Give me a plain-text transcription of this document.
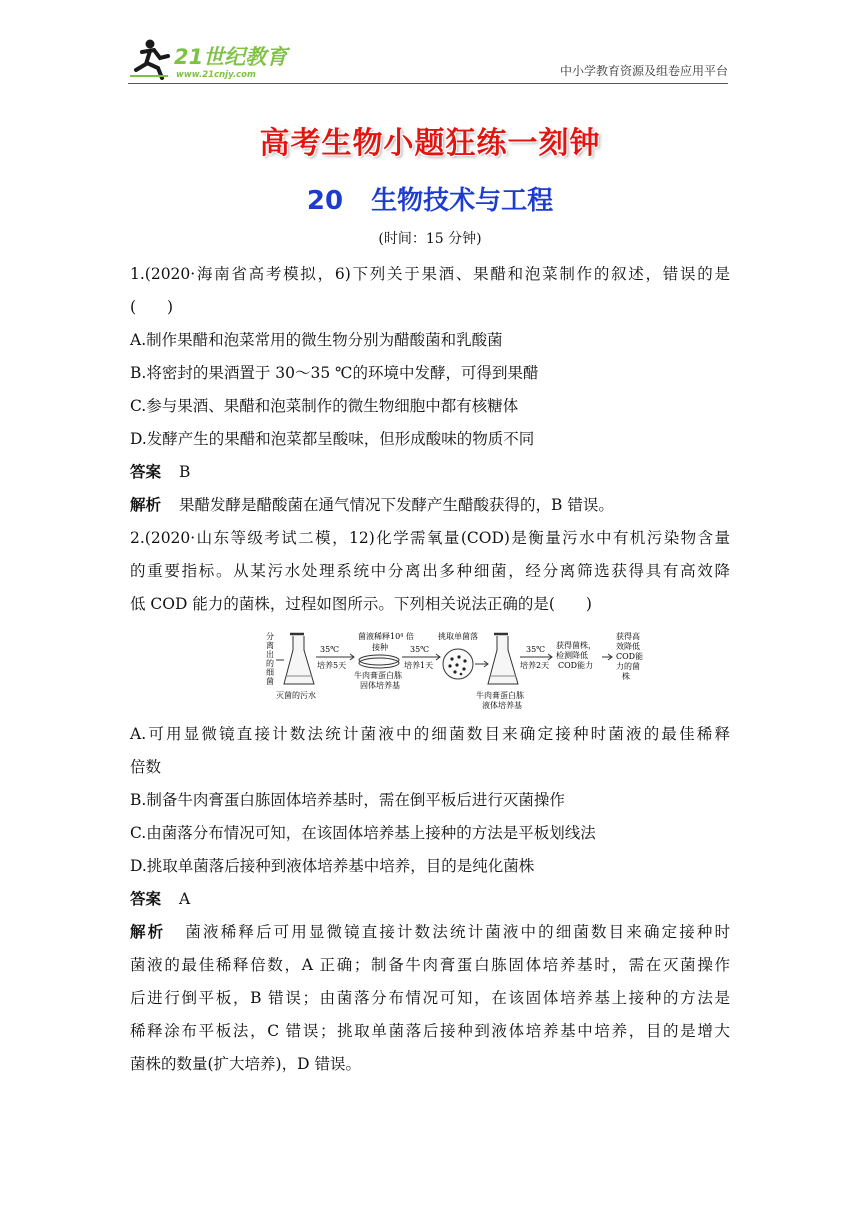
21世纪教育
www.21cnjy.com	中小学教育资源及组卷应用平台
高考生物小题狂练一刻钟
20 生物技术与工程
(时间：15 分钟)
1.(2020·海南省高考模拟，6)下列关于果酒、果醋和泡菜制作的叙述，错误的是
(　　)
A.制作果醋和泡菜常用的微生物分别为醋酸菌和乳酸菌
B.将密封的果酒置于 30～35 ℃的环境中发酵，可得到果醋
C.参与果酒、果醋和泡菜制作的微生物细胞中都有核糖体
D.发酵产生的果醋和泡菜都呈酸味，但形成酸味的物质不同
答案 B
解析 果醋发酵是醋酸菌在通气情况下发酵产生醋酸获得的，B 错误。
2.(2020·山东等级考试二模，12)化学需氧量(COD)是衡量污水中有机污染物含量
的重要指标。从某污水处理系统中分离出多种细菌，经分离筛选获得具有高效降
低 COD 能力的菌株，过程如图所示。下列相关说法正确的是(　　)
分
离
出
的
细
菌
灭菌的污水
35℃
培养5天
菌液稀释10⁴ 倍
接种
牛肉膏蛋白胨
固体培养基
35℃
培养1天
挑取单菌落
牛肉膏蛋白胨
液体培养基
35℃
培养2天
获得菌株，
检测降低
COD能力
获得高
效降低
COD能
力的菌
株
A.可用显微镜直接计数法统计菌液中的细菌数目来确定接种时菌液的最佳稀释
倍数
B.制备牛肉膏蛋白胨固体培养基时，需在倒平板后进行灭菌操作
C.由菌落分布情况可知，在该固体培养基上接种的方法是平板划线法
D.挑取单菌落后接种到液体培养基中培养，目的是纯化菌株
答案 A
解析 菌液稀释后可用显微镜直接计数法统计菌液中的细菌数目来确定接种时
菌液的最佳稀释倍数，A 正确；制备牛肉膏蛋白胨固体培养基时，需在灭菌操作
后进行倒平板，B 错误；由菌落分布情况可知，在该固体培养基上接种的方法是
稀释涂布平板法，C 错误；挑取单菌落后接种到液体培养基中培养，目的是增大
菌株的数量(扩大培养)，D 错误。
